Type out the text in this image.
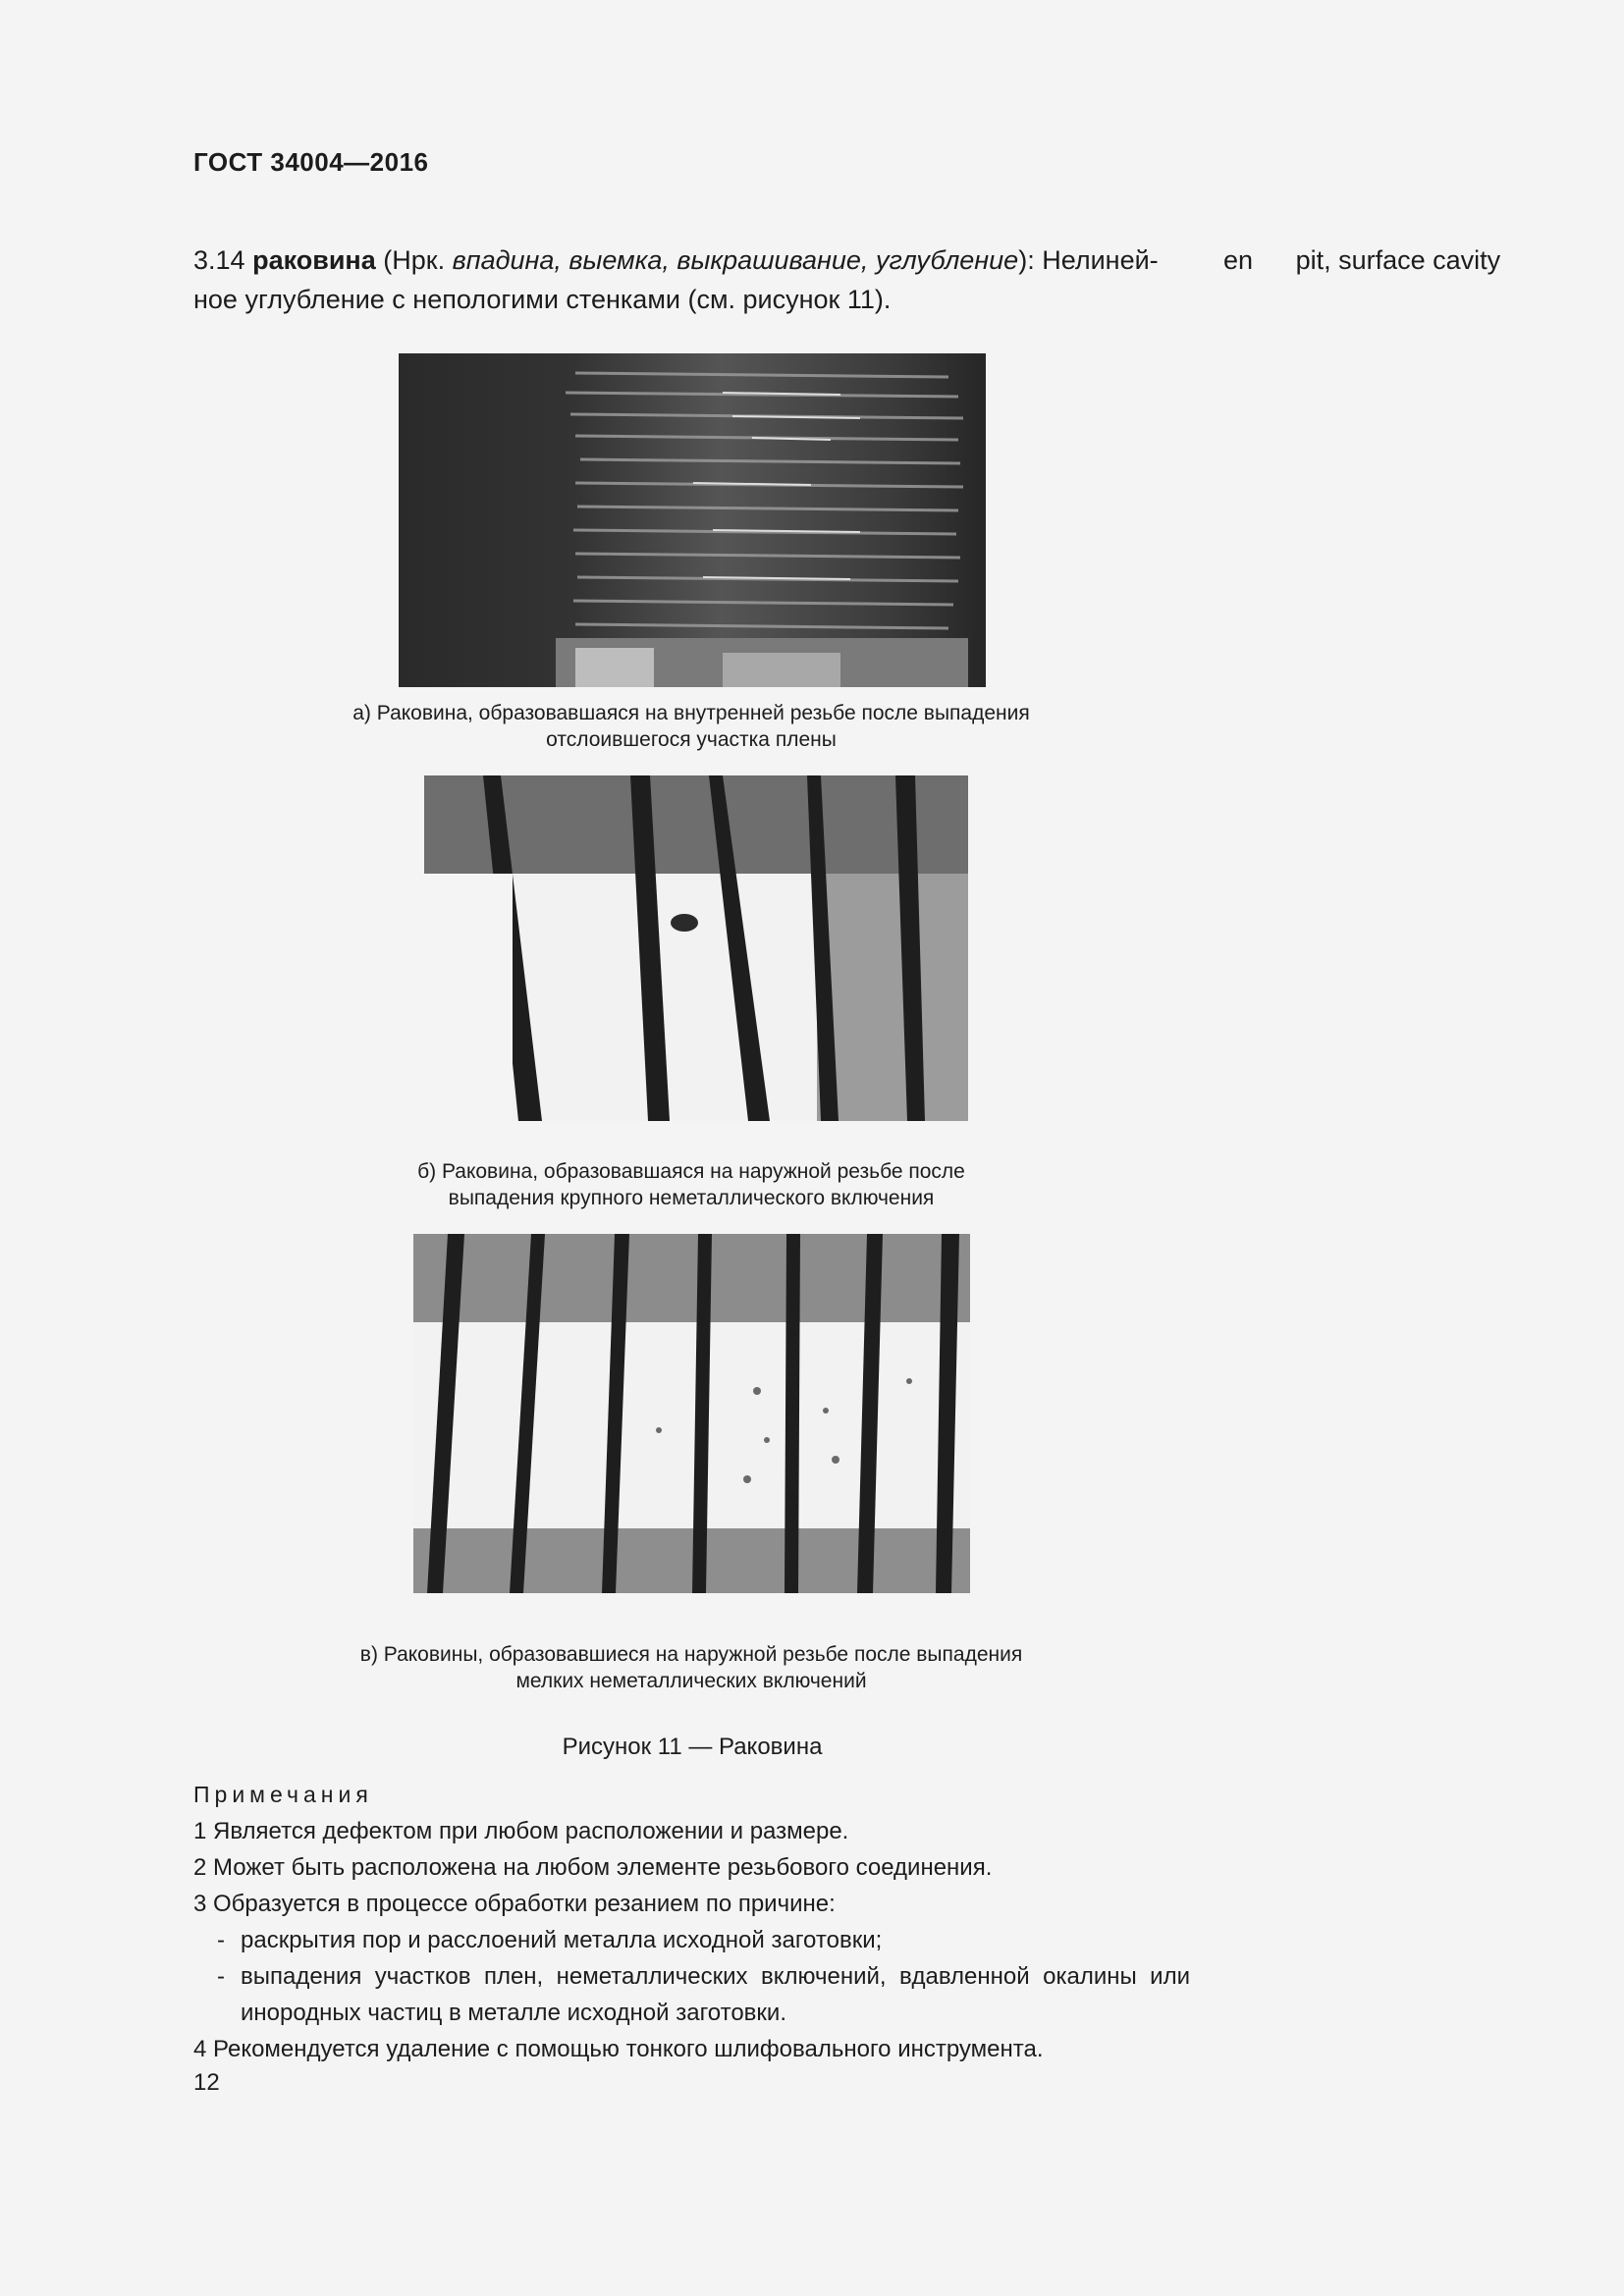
ГОСТ 34004—2016
3.14 раковина (Нрк. впадина, выемка, выкрашивание, углубление): Нелиней-
ное углубление с непологими стенками (см. рисунок 11).
en pit, surface cavity
а) Раковина, образовавшаяся на внутренней резьбе после выпадения
отслоившегося участка плены
б) Раковина, образовавшаяся на наружной резьбе после
выпадения крупного неметаллического включения
в) Раковины, образовавшиеся на наружной резьбе после выпадения
мелких неметаллических включений
Рисунок 11 — Раковина
Примечания
1 Является дефектом при любом расположении и размере.
2 Может быть расположена на любом элементе резьбового соединения.
3 Образуется в процессе обработки резанием по причине:
- раскрытия пор и расслоений металла исходной заготовки;
- выпадения участков плен, неметаллических включений, вдавленной окалины или инородных частиц в металле исходной заготовки.
4 Рекомендуется удаление с помощью тонкого шлифовального инструмента.
12
